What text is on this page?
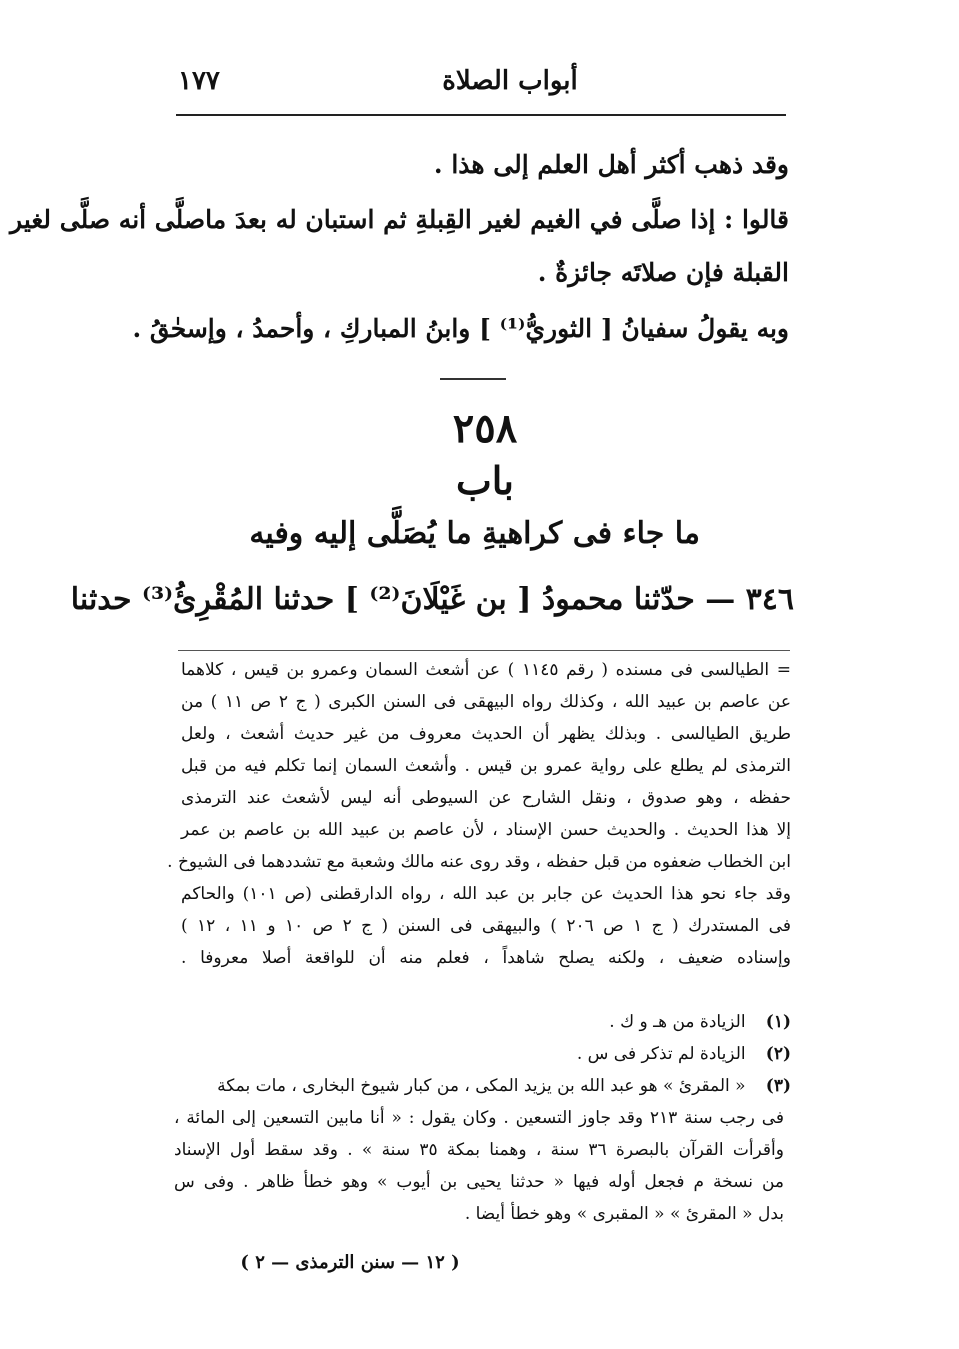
أبواب الصلاة
١٧٧
وقد ذهب أكثر أهل العلم إلى هذا .
قالوا : إذا صلَّى في الغيم لغير القِبلةِ ثم استبان له بعدَ ماصلَّى أنه صلَّى لغير
القبلة فإن صلاتَه جائزةٌ .
وبه يقولُ سفيانُ [ الثوريُّ⁽¹⁾ ] وابنُ المباركِ ، وأحمدُ ، وإسحٰقُ .
٢٥٨
باب
ما جاء فى كراهيةِ ما يُصَلَّى إليه وفيه
٣٤٦ — حدّثنا محمودُ [ بن غَيْلَانَ⁽²⁾ ] حدثنا المُقْرِئُ⁽³⁾ حدثنا
= الطيالسى فى مسنده ( رقم ١١٤٥ ) عن أشعث السمان وعمرو بن قيس ، كلاهما
عن عاصم بن عبيد الله ، وكذلك رواه البيهقى فى السنن الكبرى ( ج ٢ ص ١١ ) من
طريق الطيالسى . وبذلك يظهر أن الحديث معروف من غير حديث أشعث ، ولعل
الترمذى لم يطلع على رواية عمرو بن قيس . وأشعث السمان إنما تكلم فيه من قبل
حفظه ، وهو صدوق ، ونقل الشارح عن السيوطى أنه ليس لأشعث عند الترمذى
إلا هذا الحديث . والحديث حسن الإسناد ، لأن عاصم بن عبيد الله بن عاصم بن عمر
ابن الخطاب ضعفوه من قبل حفظه ، وقد روى عنه مالك وشعبة مع تشددهما فى الشيوخ .
وقد جاء نحو هذا الحديث عن جابر بن عبد الله ، رواه الدارقطنى (ص ١٠١) والحاكم
فى المستدرك ( ج ١ ص ٢٠٦ ) والبيهقى فى السنن ( ج ٢ ص ١٠ و ١١ ، ١٢ )
وإسناده ضعيف ، ولكنه يصلح شاهداً ، فعلم منه أن للواقعة أصلا معروفا .
(١) الزيادة من هـ و ك .
(٢) الزيادة لم تذكر فى س .
(٣) « المقرئ » هو عبد الله بن يزيد المكى ، من كبار شيوخ البخارى ، مات بمكة
فى رجب سنة ٢١٣ وقد جاوز التسعين . وكان يقول : « أنا مابين التسعين إلى المائة ،
وأقرأت القرآن بالبصرة ٣٦ سنة ، وهمنا بمكة ٣٥ سنة » . وقد سقط أول الإسناد
من نسخة م فجعل أوله فيها « حدثنا يحيى بن أيوب » وهو خطأ ظاهر . وفى س
بدل « المقرئ » « المقبرى » وهو خطأ أيضا .
( ١٢ — سنن الترمذى — ٢ )
